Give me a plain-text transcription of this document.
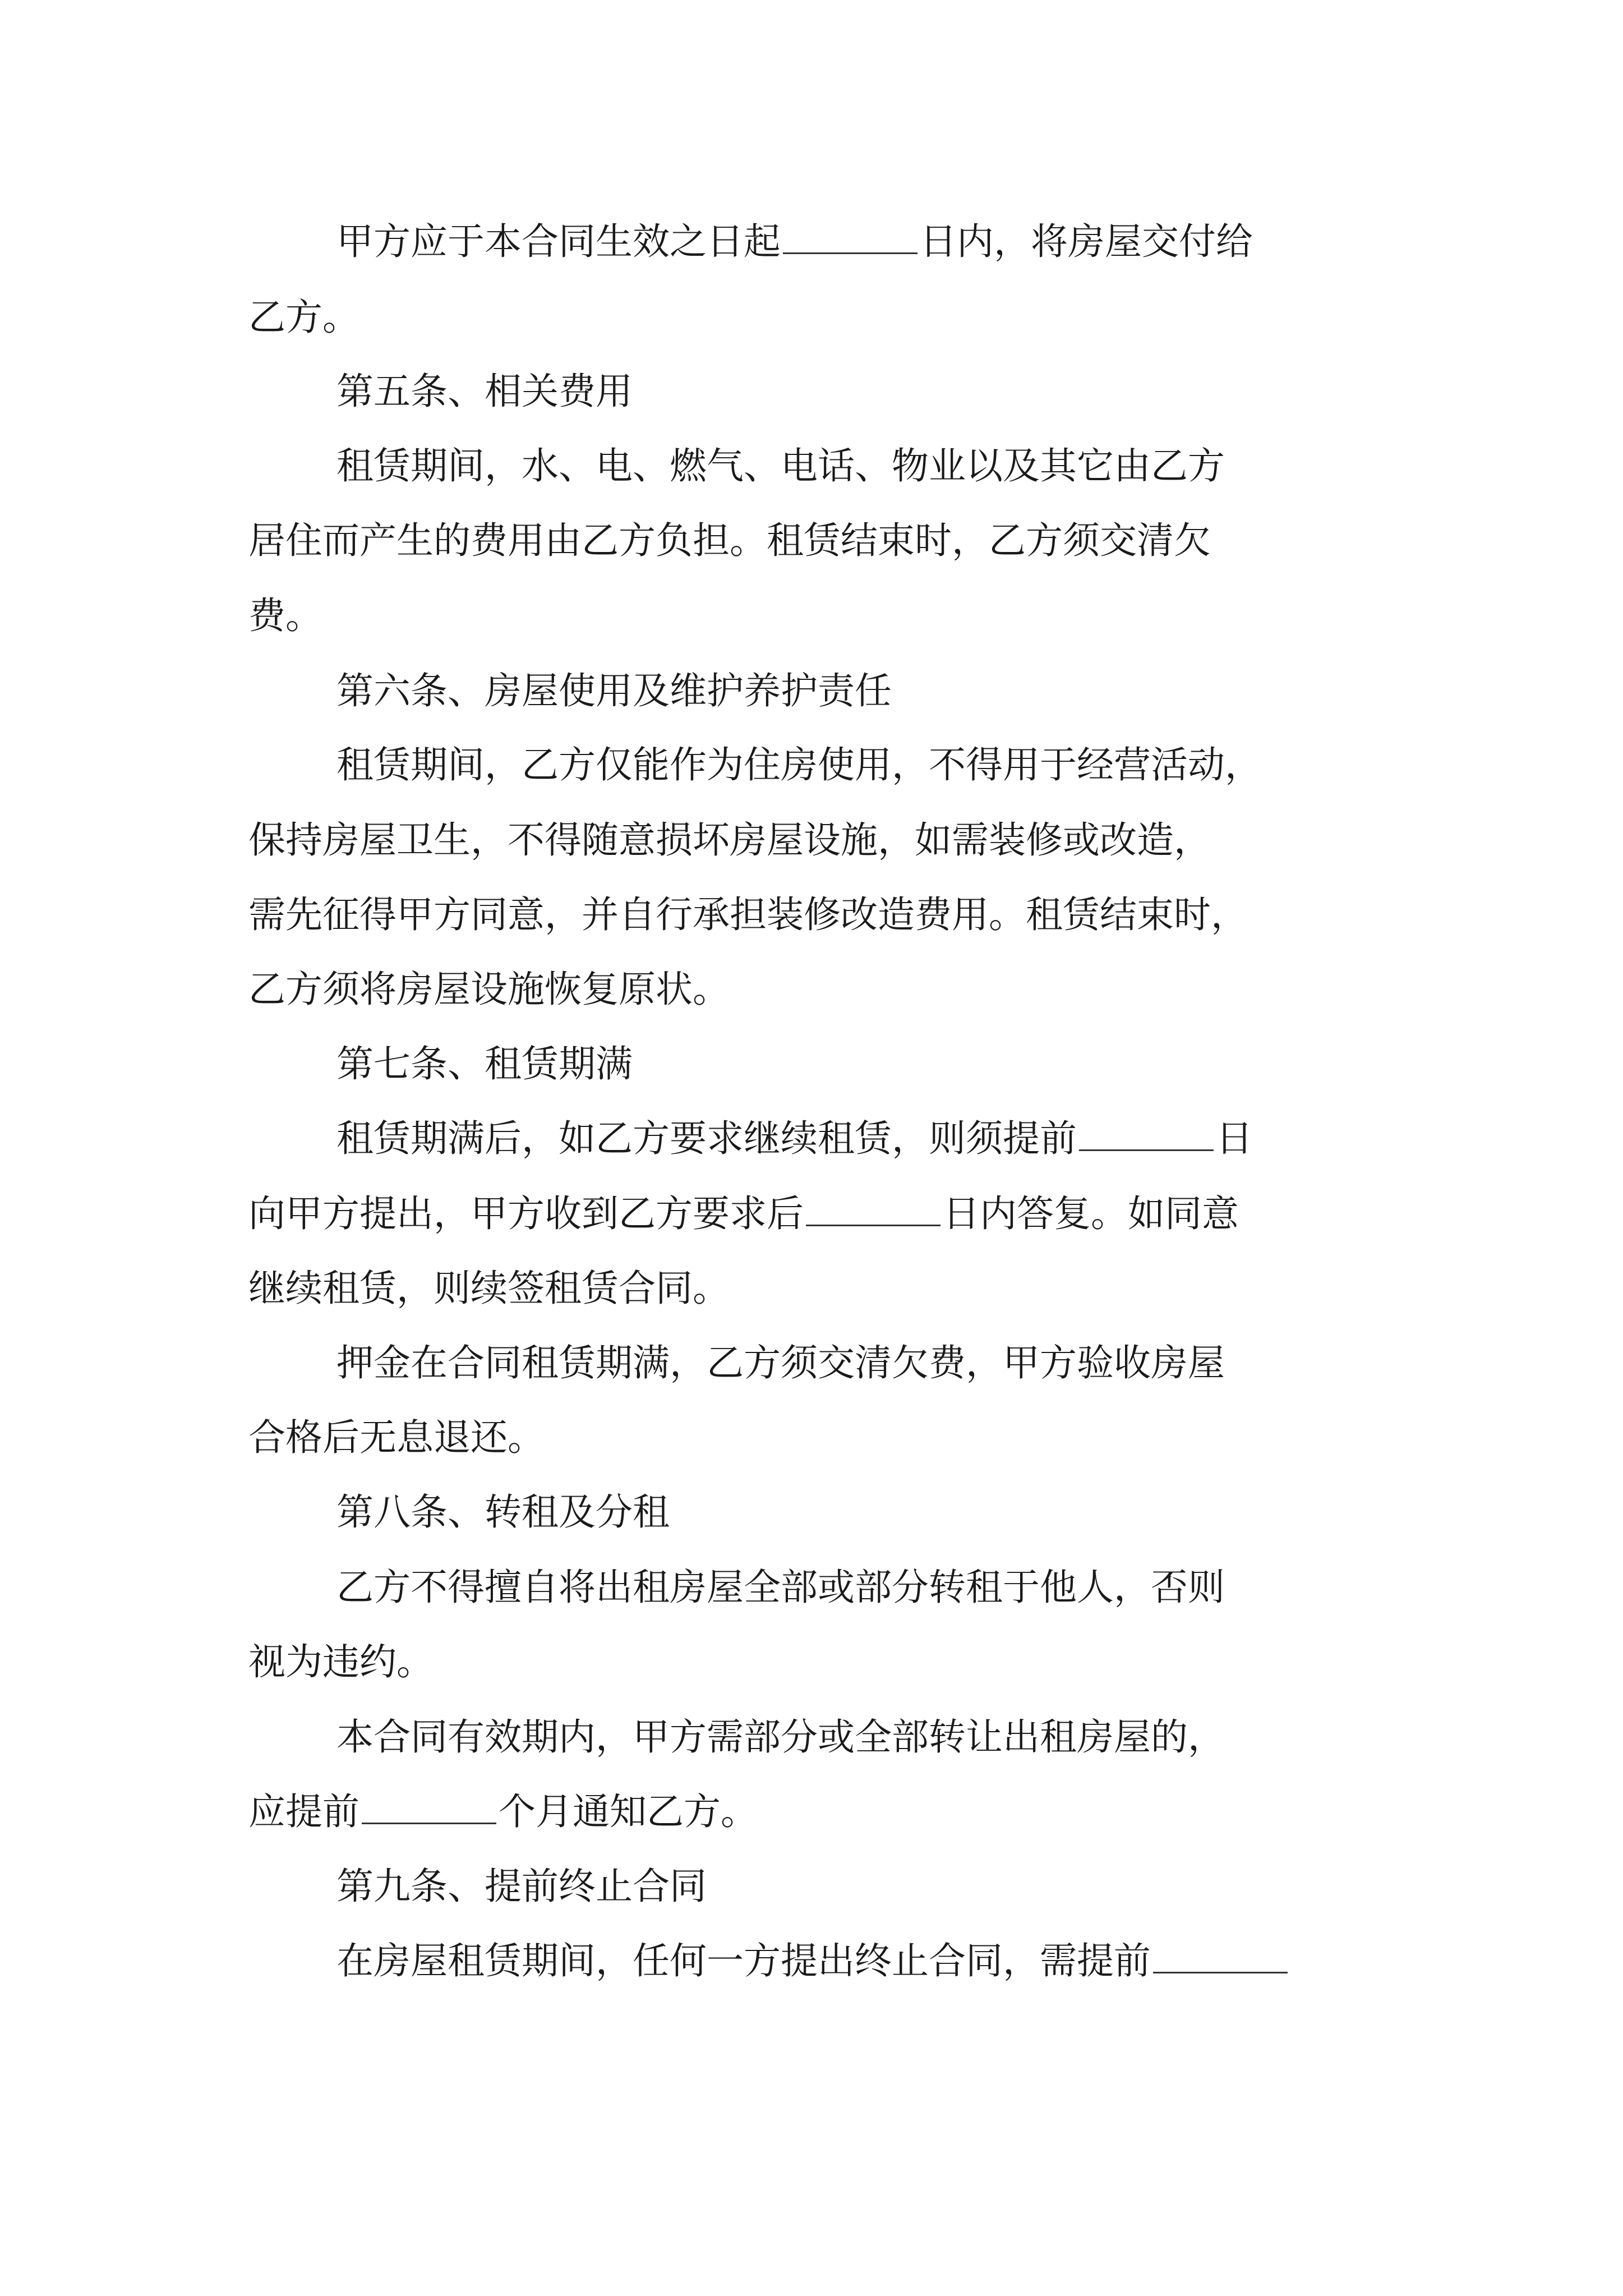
甲方应于本合同生效之日起	日内，将房屋交付给

乙方。

第五条、相关费用

租赁期间，水、电、燃气、电话、物业以及其它由乙方

居住而产生的费用由乙方负担。租赁结束时，乙方须交清欠

费。

第六条、房屋使用及维护养护责任

租赁期间，乙方仅能作为住房使用，不得用于经营活动，

保持房屋卫生，不得随意损坏房屋设施，如需装修或改造，

需先征得甲方同意，并自行承担装修改造费用。租赁结束时，

乙方须将房屋设施恢复原状。

第七条、租赁期满

租赁期满后，如乙方要求继续租赁，则须提前	日

向甲方提出，甲方收到乙方要求后	日内答复。如同意

继续租赁，则续签租赁合同。

押金在合同租赁期满，乙方须交清欠费，甲方验收房屋

合格后无息退还。

第八条、转租及分租

乙方不得擅自将出租房屋全部或部分转租于他人，否则

视为违约。

本合同有效期内，甲方需部分或全部转让出租房屋的，

应提前	个月通知乙方。

第九条、提前终止合同

在房屋租赁期间，任何一方提出终止合同，需提前
